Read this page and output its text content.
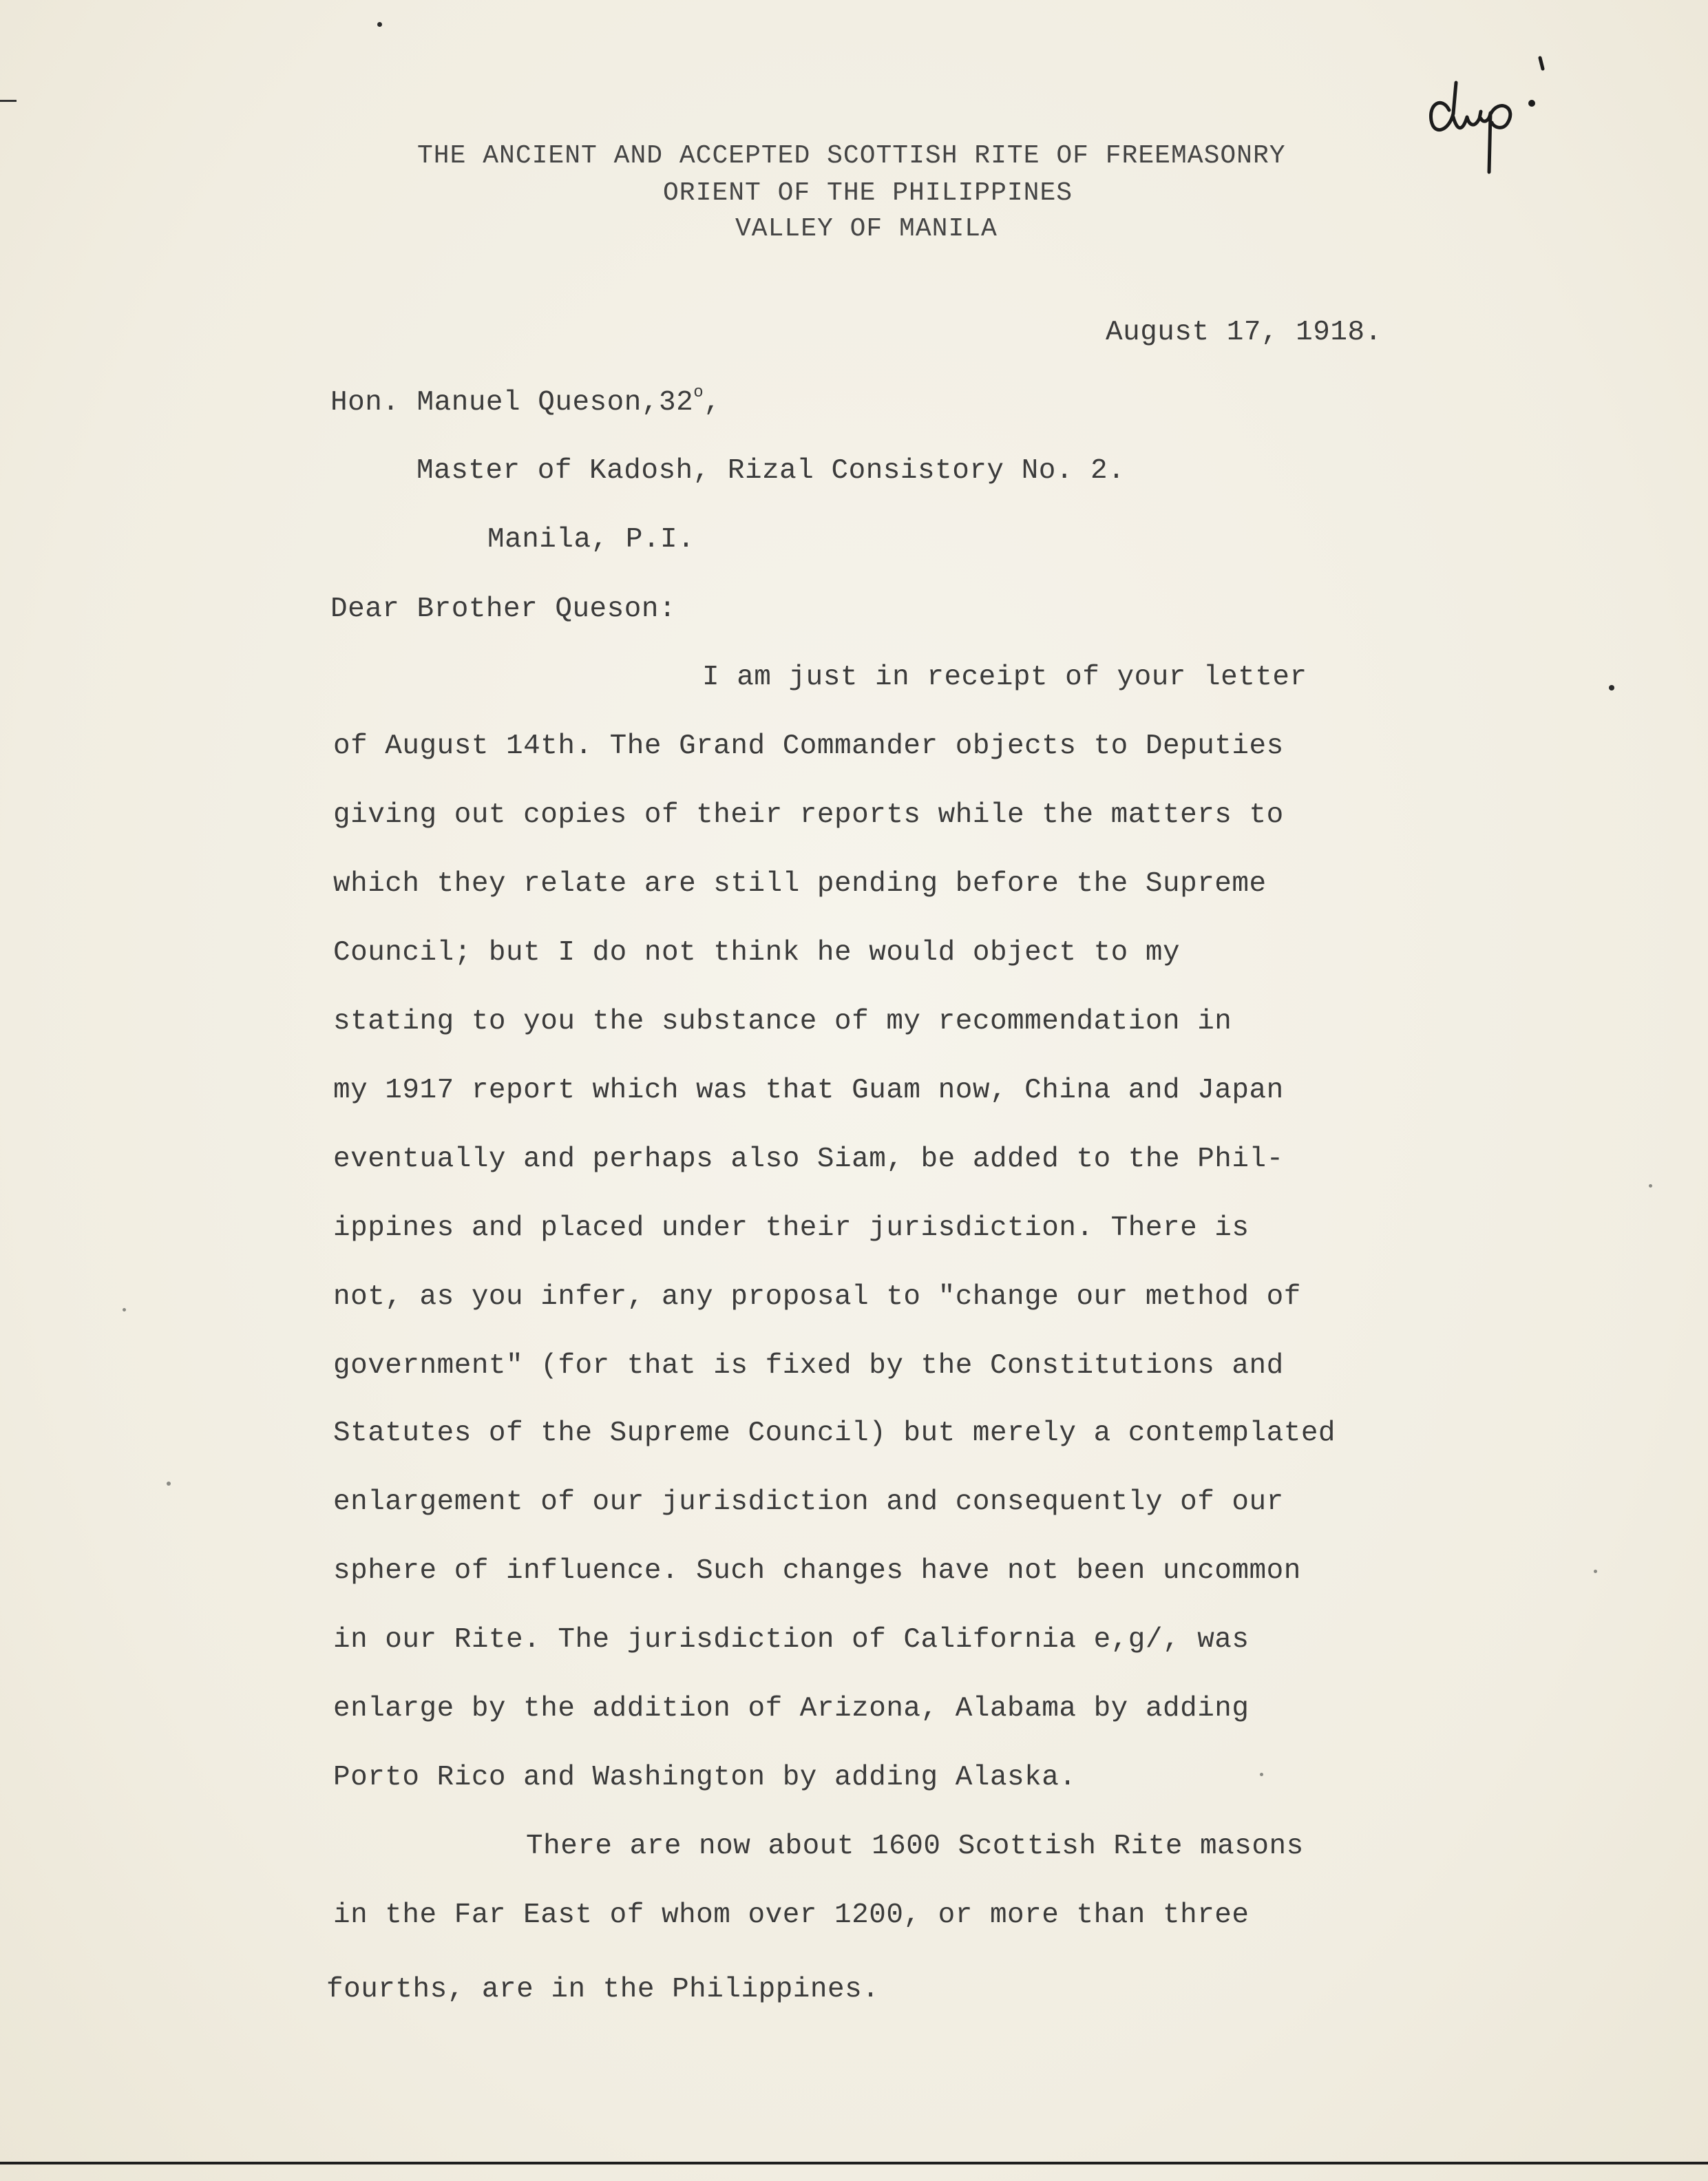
THE ANCIENT AND ACCEPTED SCOTTISH RITE OF FREEMASONRY
ORIENT OF THE PHILIPPINES
VALLEY OF MANILA
August 17, 1918.
Hon. Manuel Queson,32$^o$,
Master of Kadosh, Rizal Consistory No. 2.
Manila, P.I.
Dear Brother Queson:
I am just in receipt of your letter
of August 14th. The Grand Commander objects to Deputies
giving out copies of their reports while the matters to
which they relate are still pending before the Supreme
Council; but I do not think he would object to my
stating to you the substance of my recommendation in
my 1917 report which was that Guam now, China and Japan
eventually and perhaps also Siam, be added to the Phil-
ippines and placed under their jurisdiction. There is
not, as you infer, any proposal to "change our method of
government" (for that is fixed by the Constitutions and
Statutes of the Supreme Council) but merely a contemplated
enlargement of our jurisdiction and consequently of our
sphere of influence. Such changes have not been uncommon
in our Rite. The jurisdiction of California e,g/, was
enlarge by the addition of Arizona, Alabama by adding
Porto Rico and Washington by adding Alaska.
There are now about 1600 Scottish Rite masons
in the Far East of whom over 1200, or more than three
fourths, are in the Philippines.
